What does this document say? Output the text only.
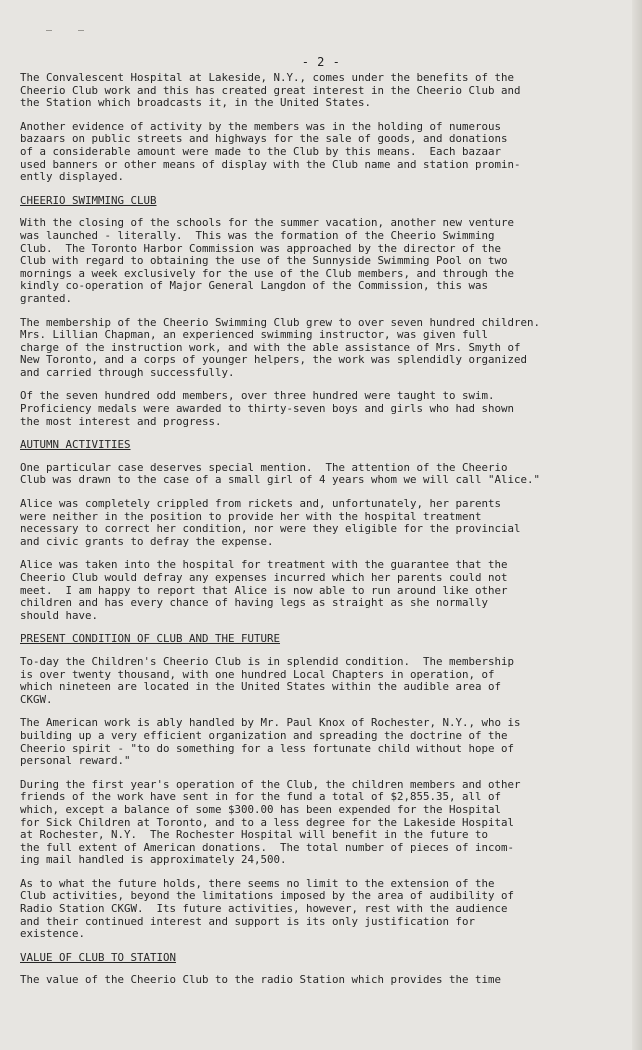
- 2 -
The Convalescent Hospital at Lakeside, N.Y., comes under the benefits of the
Cheerio Club work and this has created great interest in the Cheerio Club and
the Station which broadcasts it, in the United States.
Another evidence of activity by the members was in the holding of numerous
bazaars on public streets and highways for the sale of goods, and donations
of a considerable amount were made to the Club by this means.  Each bazaar
used banners or other means of display with the Club name and station promin-
ently displayed.
CHEERIO SWIMMING CLUB
With the closing of the schools for the summer vacation, another new venture
was launched - literally.  This was the formation of the Cheerio Swimming
Club.  The Toronto Harbor Commission was approached by the director of the
Club with regard to obtaining the use of the Sunnyside Swimming Pool on two
mornings a week exclusively for the use of the Club members, and through the
kindly co-operation of Major General Langdon of the Commission, this was
granted.
The membership of the Cheerio Swimming Club grew to over seven hundred children.
Mrs. Lillian Chapman, an experienced swimming instructor, was given full
charge of the instruction work, and with the able assistance of Mrs. Smyth of
New Toronto, and a corps of younger helpers, the work was splendidly organized
and carried through successfully.
Of the seven hundred odd members, over three hundred were taught to swim.
Proficiency medals were awarded to thirty-seven boys and girls who had shown
the most interest and progress.
AUTUMN ACTIVITIES
One particular case deserves special mention.  The attention of the Cheerio
Club was drawn to the case of a small girl of 4 years whom we will call "Alice."
Alice was completely crippled from rickets and, unfortunately, her parents
were neither in the position to provide her with the hospital treatment
necessary to correct her condition, nor were they eligible for the provincial
and civic grants to defray the expense.
Alice was taken into the hospital for treatment with the guarantee that the
Cheerio Club would defray any expenses incurred which her parents could not
meet.  I am happy to report that Alice is now able to run around like other
children and has every chance of having legs as straight as she normally
should have.
PRESENT CONDITION OF CLUB AND THE FUTURE
To-day the Children's Cheerio Club is in splendid condition.  The membership
is over twenty thousand, with one hundred Local Chapters in operation, of
which nineteen are located in the United States within the audible area of
CKGW.
The American work is ably handled by Mr. Paul Knox of Rochester, N.Y., who is
building up a very efficient organization and spreading the doctrine of the
Cheerio spirit - "to do something for a less fortunate child without hope of
personal reward."
During the first year's operation of the Club, the children members and other
friends of the work have sent in for the fund a total of $2,855.35, all of
which, except a balance of some $300.00 has been expended for the Hospital
for Sick Children at Toronto, and to a less degree for the Lakeside Hospital
at Rochester, N.Y.  The Rochester Hospital will benefit in the future to
the full extent of American donations.  The total number of pieces of incom-
ing mail handled is approximately 24,500.
As to what the future holds, there seems no limit to the extension of the
Club activities, beyond the limitations imposed by the area of audibility of
Radio Station CKGW.  Its future activities, however, rest with the audience
and their continued interest and support is its only justification for
existence.
VALUE OF CLUB TO STATION
The value of the Cheerio Club to the radio Station which provides the time
